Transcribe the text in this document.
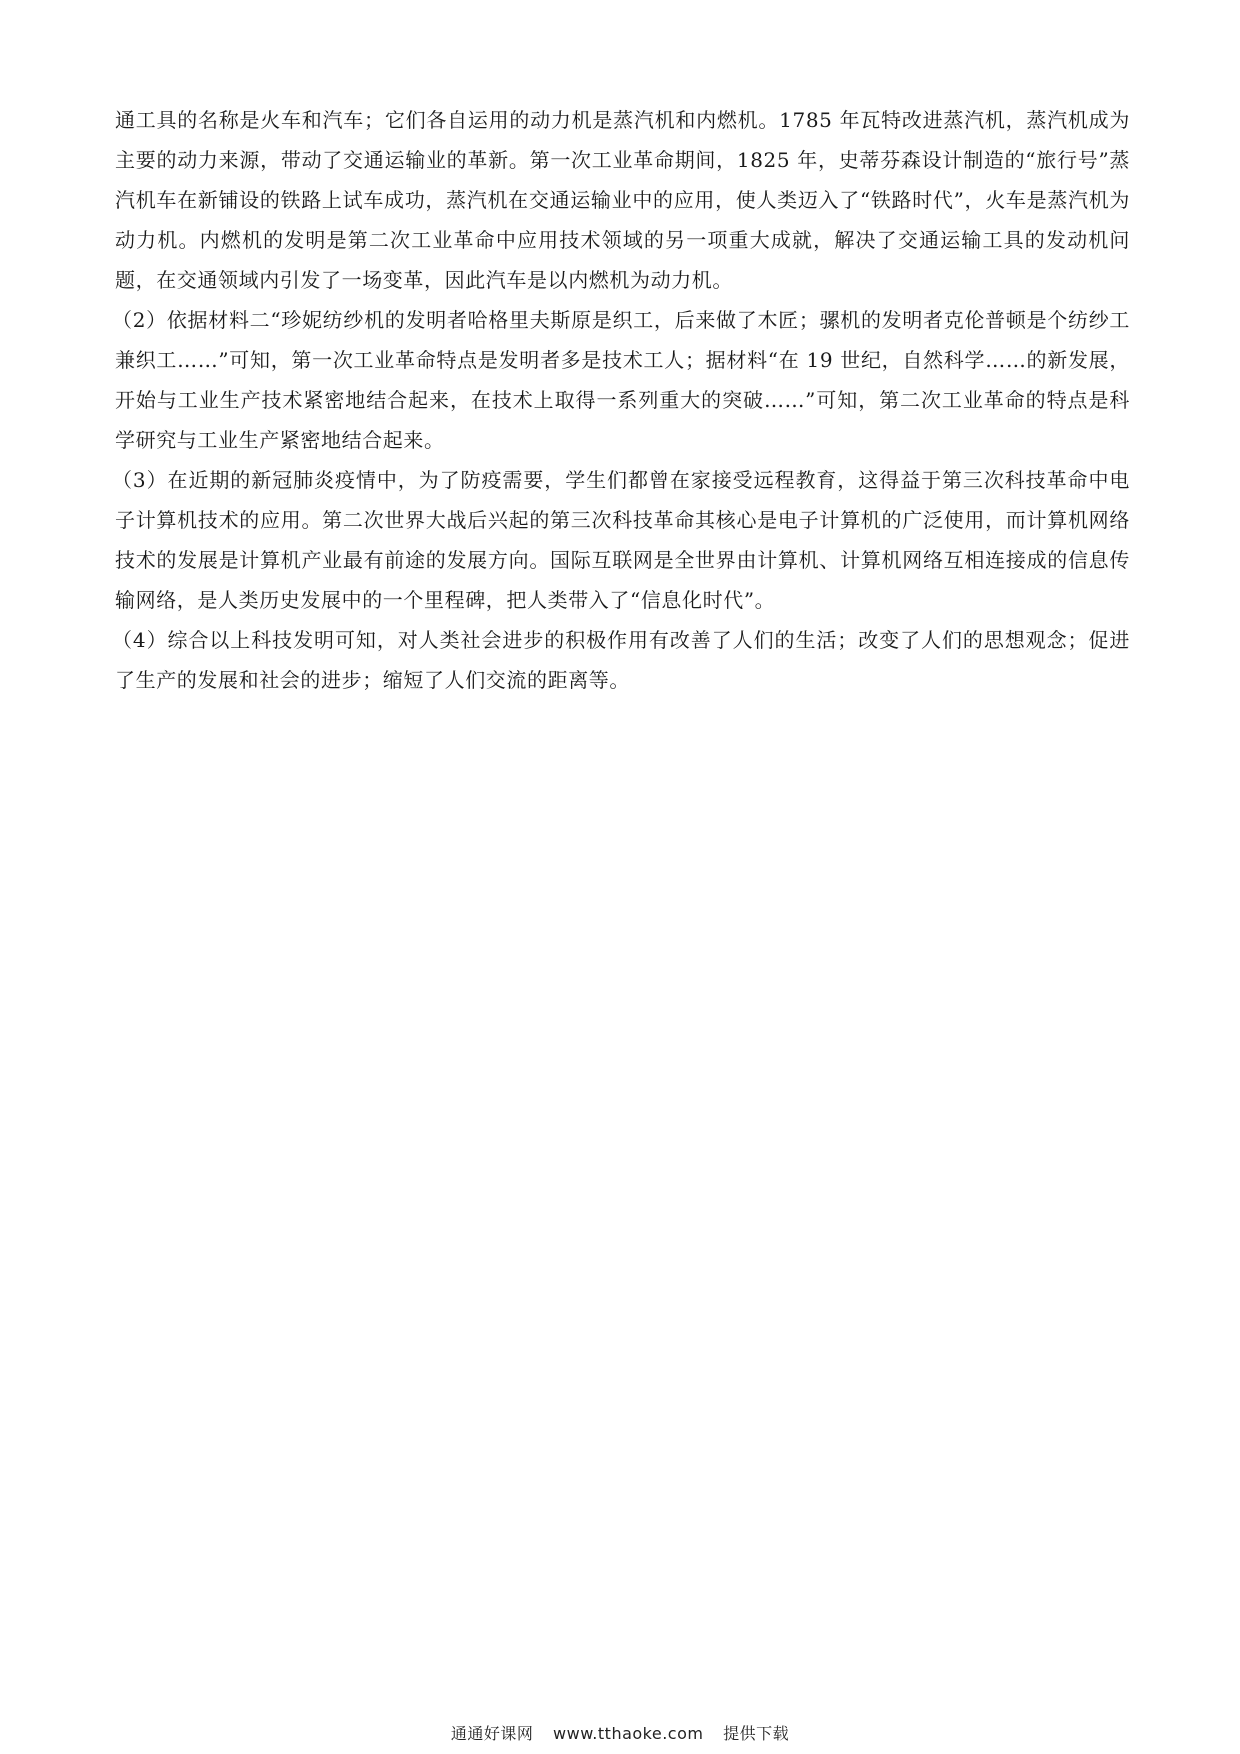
通工具的名称是火车和汽车；它们各自运用的动力机是蒸汽机和内燃机。1785 年瓦特改进蒸汽机，蒸汽机成为主要的动力来源，带动了交通运输业的革新。第一次工业革命期间，1825 年，史蒂芬森设计制造的“旅行号”蒸汽机车在新铺设的铁路上试车成功，蒸汽机在交通运输业中的应用，使人类迈入了“铁路时代”，火车是蒸汽机为动力机。内燃机的发明是第二次工业革命中应用技术领域的另一项重大成就，解决了交通运输工具的发动机问题，在交通领域内引发了一场变革，因此汽车是以内燃机为动力机。

（2）依据材料二“珍妮纺纱机的发明者哈格里夫斯原是织工，后来做了木匠；骡机的发明者克伦普顿是个纺纱工兼织工……”可知，第一次工业革命特点是发明者多是技术工人；据材料“在 19 世纪，自然科学……的新发展，开始与工业生产技术紧密地结合起来，在技术上取得一系列重大的突破……”可知，第二次工业革命的特点是科学研究与工业生产紧密地结合起来。

（3）在近期的新冠肺炎疫情中，为了防疫需要，学生们都曾在家接受远程教育，这得益于第三次科技革命中电子计算机技术的应用。第二次世界大战后兴起的第三次科技革命其核心是电子计算机的广泛使用，而计算机网络技术的发展是计算机产业最有前途的发展方向。国际互联网是全世界由计算机、计算机网络互相连接成的信息传输网络，是人类历史发展中的一个里程碑，把人类带入了“信息化时代”。

（4）综合以上科技发明可知，对人类社会进步的积极作用有改善了人们的生活；改变了人们的思想观念；促进了生产的发展和社会的进步；缩短了人们交流的距离等。

通通好课网 www.tthaoke.com 提供下载
